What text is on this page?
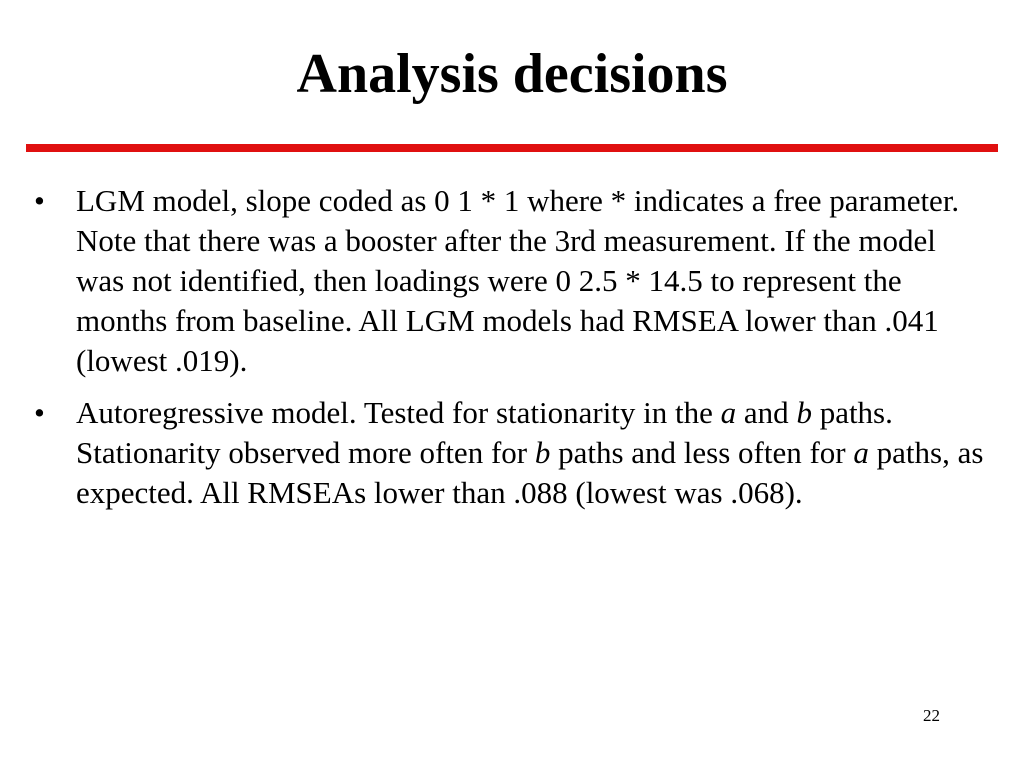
Analysis decisions
•	LGM model, slope coded as 0 1 * 1 where * indicates a free parameter. Note that there was a booster after the 3rd measurement. If the model was not identified, then loadings were 0 2.5 * 14.5 to represent the months from baseline. All LGM models had RMSEA lower than .041 (lowest .019).
•	Autoregressive model. Tested for stationarity in the a and b paths. Stationarity observed more often for b paths and less often for a paths, as expected. All RMSEAs lower than .088 (lowest was .068).
22
